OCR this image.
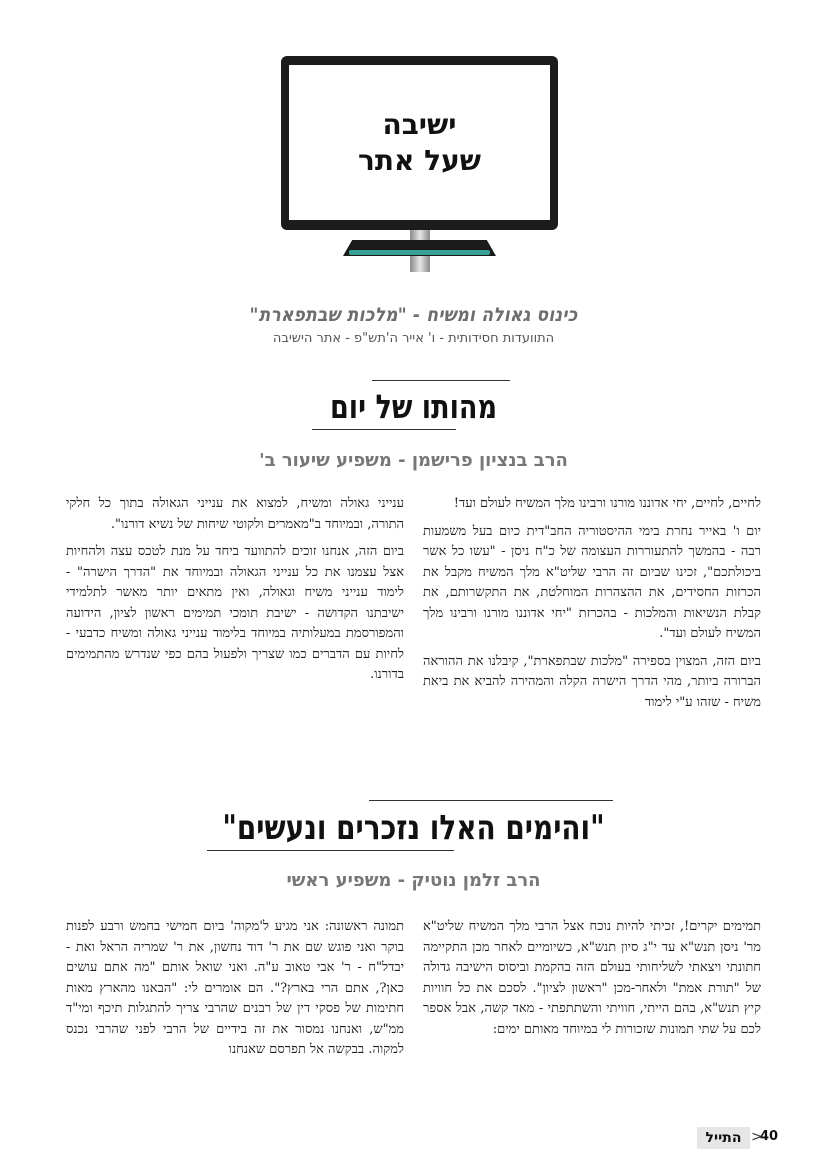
ישיבה
שעל אתר
כינוס גאולה ומשיח - "מלכות שבתפארת"
התוועדות חסידותית - ו' אייר ה'תש"פ - אתר הישיבה
מהותו של יום
הרב בנציון פרישמן - משפיע שיעור ב'

לחיים, לחיים, יחי אדוננו מורנו ורבינו מלך המשיח לעולם ועד!

יום ו' באייר נחרת בימי ההיסטוריה החב"דית כיום בעל משמעות רבה - בהמשך להתעוררות העצומה של כ"ח ניסן - "עשו כל אשר ביכולתכם", זכינו שביום זה הרבי שליט"א מלך המשיח מקבל את הכרזות החסידים, את ההצהרות המוחלטת, את התקשרותם, את קבלת הנשיאות והמלכות - בהכרזת "יחי אדוננו מורנו ורבינו מלך המשיח לעולם ועד".

ביום הזה, המצוין בספירה "מלכות שבתפארת", קיבלנו את ההוראה הברורה ביותר, מהי הדרך הישרה הקלה והמהירה להביא את ביאת משיח - שזהו ע"י לימוד

ענייני גאולה ומשיח, למצוא את ענייני הגאולה בתוך כל חלקי התורה, ובמיוחד ב"מאמרים ולקוטי שיחות של נשיא דורנו".

ביום הזה, אנחנו זוכים להתוועד ביחד על מנת לטכס עצה ולהחיות אצל עצמנו את כל ענייני הגאולה ובמיוחד את "הדרך הישרה" - לימוד ענייני משיח וגאולה, ואין מתאים יותר מאשר לתלמידי ישיבתנו הקדושה - ישיבת תומכי תמימים ראשון לציון, הידועה והמפורסמת במעלותיה במיוחד בלימוד ענייני גאולה ומשיח כדבעי - לחיות עם הדברים כמו שצריך ולפעול בהם כפי שנדרש מהתמימים בדורנו.

"והימים האלו נזכרים ונעשים"
הרב זלמן נוטיק - משפיע ראשי

תמימים יקרים!, זכיתי להיות נוכח אצל הרבי מלך המשיח שליט"א מר' ניסן תנש"א עד י"ג סיון תנש"א, כשיומיים לאחר מכן התקיימה חתונתי ויצאתי לשליחותי בעולם הזה בהקמת וביסוס הישיבה גדולה של "תורת אמת" ולאחר-מכן "ראשון לציון". לסכם את כל חוויות קיץ תנש"א, בהם הייתי, חוויתי והשתתפתי - מאד קשה, אבל אספר לכם על שתי תמונות שזכורות לי במיוחד מאותם ימים:

תמונה ראשונה: אני מגיע ל'מקוה' ביום חמישי בחמש ורבע לפנות בוקר ואני פוגש שם את ר' דוד נחשון, את ר' שמריה הראל ואת - יבדל"ח - ר' אבי טאוב ע"ה. ואני שואל אותם "מה אתם עושים כאן?, אתם הרי בארץ?". הם אומרים לי: "הבאנו מהארץ מאות חתימות של פסקי דין של רבנים שהרבי צריך להתגלות תיכף ומי"ד ממ"ש, ואנחנו נמסור את זה בידיים של הרבי לפני שהרבי נכנס למקוה. בבקשה אל תפרסם שאנחנו

התייל >
40
